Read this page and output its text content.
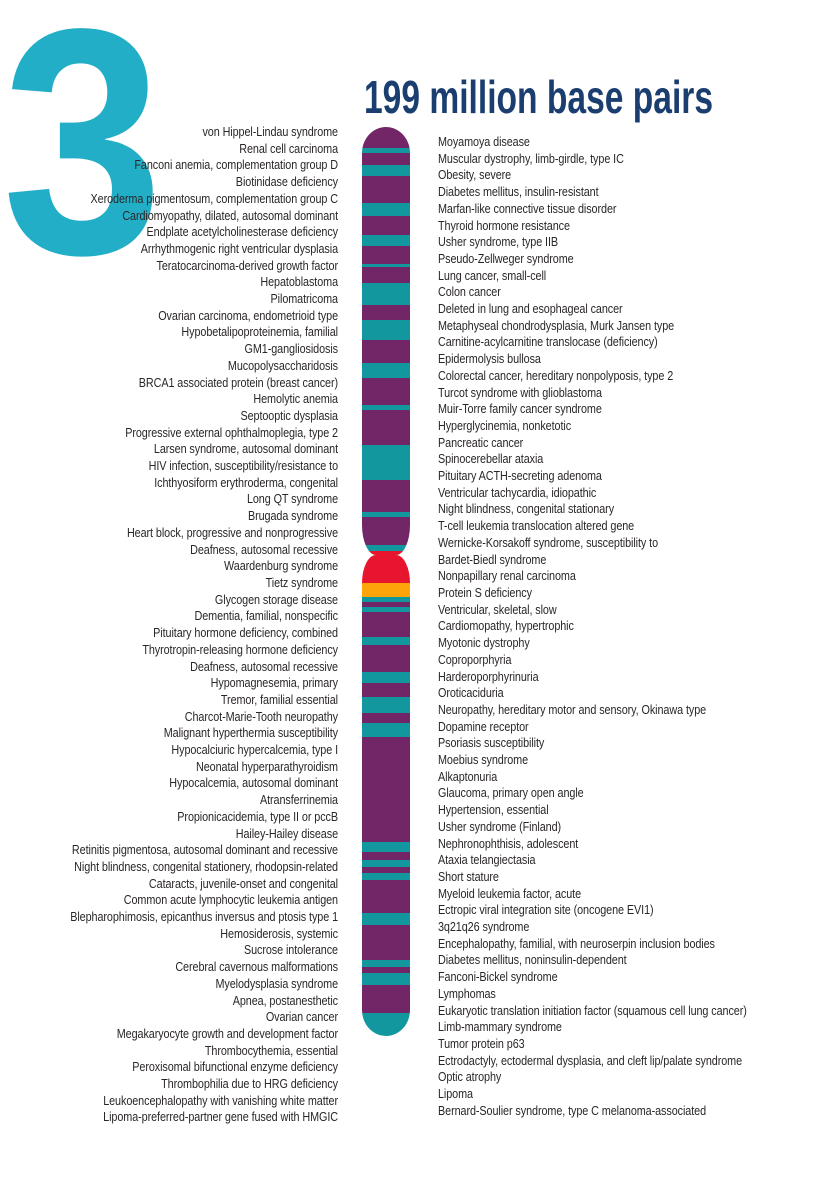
3	199 million base pairs
von Hippel-Lindau syndrome
Renal cell carcinoma
Fanconi anemia, complementation group D
Biotinidase deficiency
Xeroderma pigmentosum, complementation group C
Cardiomyopathy, dilated, autosomal dominant
Endplate acetylcholinesterase deficiency
Arrhythmogenic right ventricular dysplasia
Teratocarcinoma-derived growth factor
Hepatoblastoma
Pilomatricoma
Ovarian carcinoma, endometrioid type
Hypobetalipoproteinemia, familial
GM1-gangliosidosis
Mucopolysaccharidosis
BRCA1 associated protein (breast cancer)
Hemolytic anemia
Septooptic dysplasia
Progressive external ophthalmoplegia, type 2
Larsen syndrome, autosomal dominant
HIV infection, susceptibility/resistance to
Ichthyosiform erythroderma, congenital
Long QT syndrome
Brugada syndrome
Heart block, progressive and nonprogressive
Deafness, autosomal recessive
Waardenburg syndrome
Tietz syndrome
Glycogen storage disease
Dementia, familial, nonspecific
Pituitary hormone deficiency, combined
Thyrotropin-releasing hormone deficiency
Deafness, autosomal recessive
Hypomagnesemia, primary
Tremor, familial essential
Charcot-Marie-Tooth neuropathy
Malignant hyperthermia susceptibility
Hypocalciuric hypercalcemia, type I
Neonatal hyperparathyroidism
Hypocalcemia, autosomal dominant
Atransferrinemia
Propionicacidemia, type II or pccB
Hailey-Hailey disease
Retinitis pigmentosa, autosomal dominant and recessive
Night blindness, congenital stationery, rhodopsin-related
Cataracts, juvenile-onset and congenital
Common acute lymphocytic leukemia antigen
Blepharophimosis, epicanthus inversus and ptosis type 1
Hemosiderosis, systemic
Sucrose intolerance
Cerebral cavernous malformations
Myelodysplasia syndrome
Apnea, postanesthetic
Ovarian cancer
Megakaryocyte growth and development factor
Thrombocythemia, essential
Peroxisomal bifunctional enzyme deficiency
Thrombophilia due to HRG deficiency
Leukoencephalopathy with vanishing white matter
Lipoma-preferred-partner gene fused with HMGIC
Moyamoya disease
Muscular dystrophy, limb-girdle, type IC
Obesity, severe
Diabetes mellitus, insulin-resistant
Marfan-like connective tissue disorder
Thyroid hormone resistance
Usher syndrome, type IIB
Pseudo-Zellweger syndrome
Lung cancer, small-cell
Colon cancer
Deleted in lung and esophageal cancer
Metaphyseal chondrodysplasia, Murk Jansen type
Carnitine-acylcarnitine translocase (deficiency)
Epidermolysis bullosa
Colorectal cancer, hereditary nonpolyposis, type 2
Turcot syndrome with glioblastoma
Muir-Torre family cancer syndrome
Hyperglycinemia, nonketotic
Pancreatic cancer
Spinocerebellar ataxia
Pituitary ACTH-secreting adenoma
Ventricular tachycardia, idiopathic
Night blindness, congenital stationary
T-cell leukemia translocation altered gene
Wernicke-Korsakoff syndrome, susceptibility to
Bardet-Biedl syndrome
Nonpapillary renal carcinoma
Protein S deficiency
Ventricular, skeletal, slow
Cardiomopathy, hypertrophic
Myotonic dystrophy
Coproporphyria
Harderoporphyrinuria
Oroticaciduria
Neuropathy, hereditary motor and sensory, Okinawa type
Dopamine receptor
Psoriasis susceptibility
Moebius syndrome
Alkaptonuria
Glaucoma, primary open angle
Hypertension, essential
Usher syndrome (Finland)
Nephronophthisis, adolescent
Ataxia telangiectasia
Short stature
Myeloid leukemia factor, acute
Ectropic viral integration site (oncogene EVI1)
3q21q26 syndrome
Encephalopathy, familial, with neuroserpin inclusion bodies
Diabetes mellitus, noninsulin-dependent
Fanconi-Bickel syndrome
Lymphomas
Eukaryotic translation initiation factor (squamous cell lung cancer)
Limb-mammary syndrome
Tumor protein p63
Ectrodactyly, ectodermal dysplasia, and cleft lip/palate syndrome
Optic atrophy
Lipoma
Bernard-Soulier syndrome, type C melanoma-associated
